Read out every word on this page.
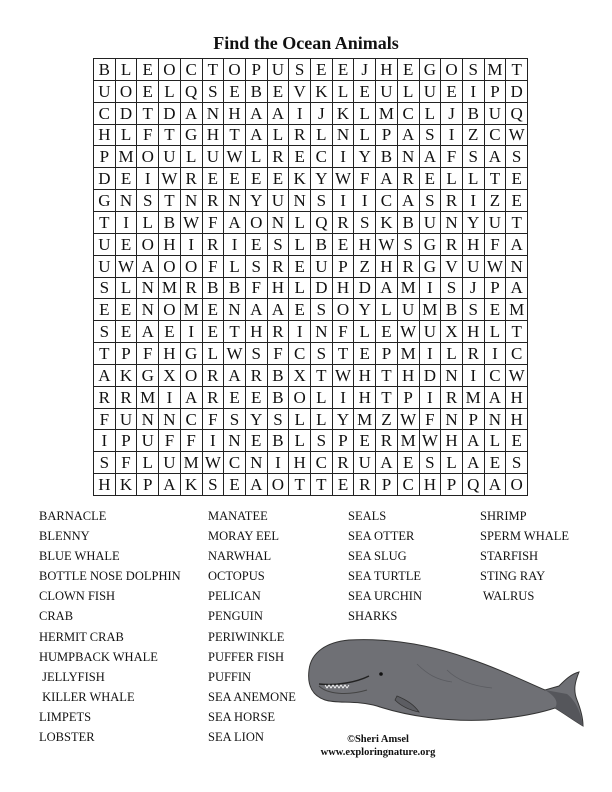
Find the Ocean Animals
B L E O C T O P U S E E J H E G O S M T
U O E L Q S E B E V K L E U L U E I P D
C D T D A N H A A I J K L M C L J B U Q
H L F T G H T A L R L N L P A S I Z C W
P M O U L U W L R E C I Y B N A F S A S
D E I W R E E E E K Y W F A R E L L T E
G N S T N R N Y U N S I I C A S R I Z E
T I L B W F A O N L Q R S K B U N Y U T
U E O H I R I E S L B E H W S G R H F A
U W A O O F L S R E U P Z H R G V U W N
S L N M R B B F H L D H D A M I S J P A
E E N O M E N A A E S O Y L U M B S E M
S E A E I E T H R I N F L E W U X H L T
T P F H G L W S F C S T E P M I L R I C
A K G X O R A R B X T W H T H D N I C W
R R M I A R E E B O L I H T P I R M A H
F U N N C F S Y S L L Y M Z W F N P N H
I P U F F I N E B L S P E R M W H A L E
S F L U M W C N I H C R U A E S L A E S
H K P A K S E A O T T E R P C H P Q A O
BARNACLE
BLENNY
BLUE WHALE
BOTTLE NOSE DOLPHIN
CLOWN FISH
CRAB
HERMIT CRAB
HUMPBACK WHALE
JELLYFISH
KILLER WHALE
LIMPETS
LOBSTER
MANATEE
MORAY EEL
NARWHAL
OCTOPUS
PELICAN
PENGUIN
PERIWINKLE
PUFFER FISH
PUFFIN
SEA ANEMONE
SEA HORSE
SEA LION
SEALS
SEA OTTER
SEA SLUG
SEA TURTLE
SEA URCHIN
SHARKS
SHRIMP
SPERM WHALE
STARFISH
STING RAY
WALRUS
©Sheri Amsel
www.exploringnature.org
